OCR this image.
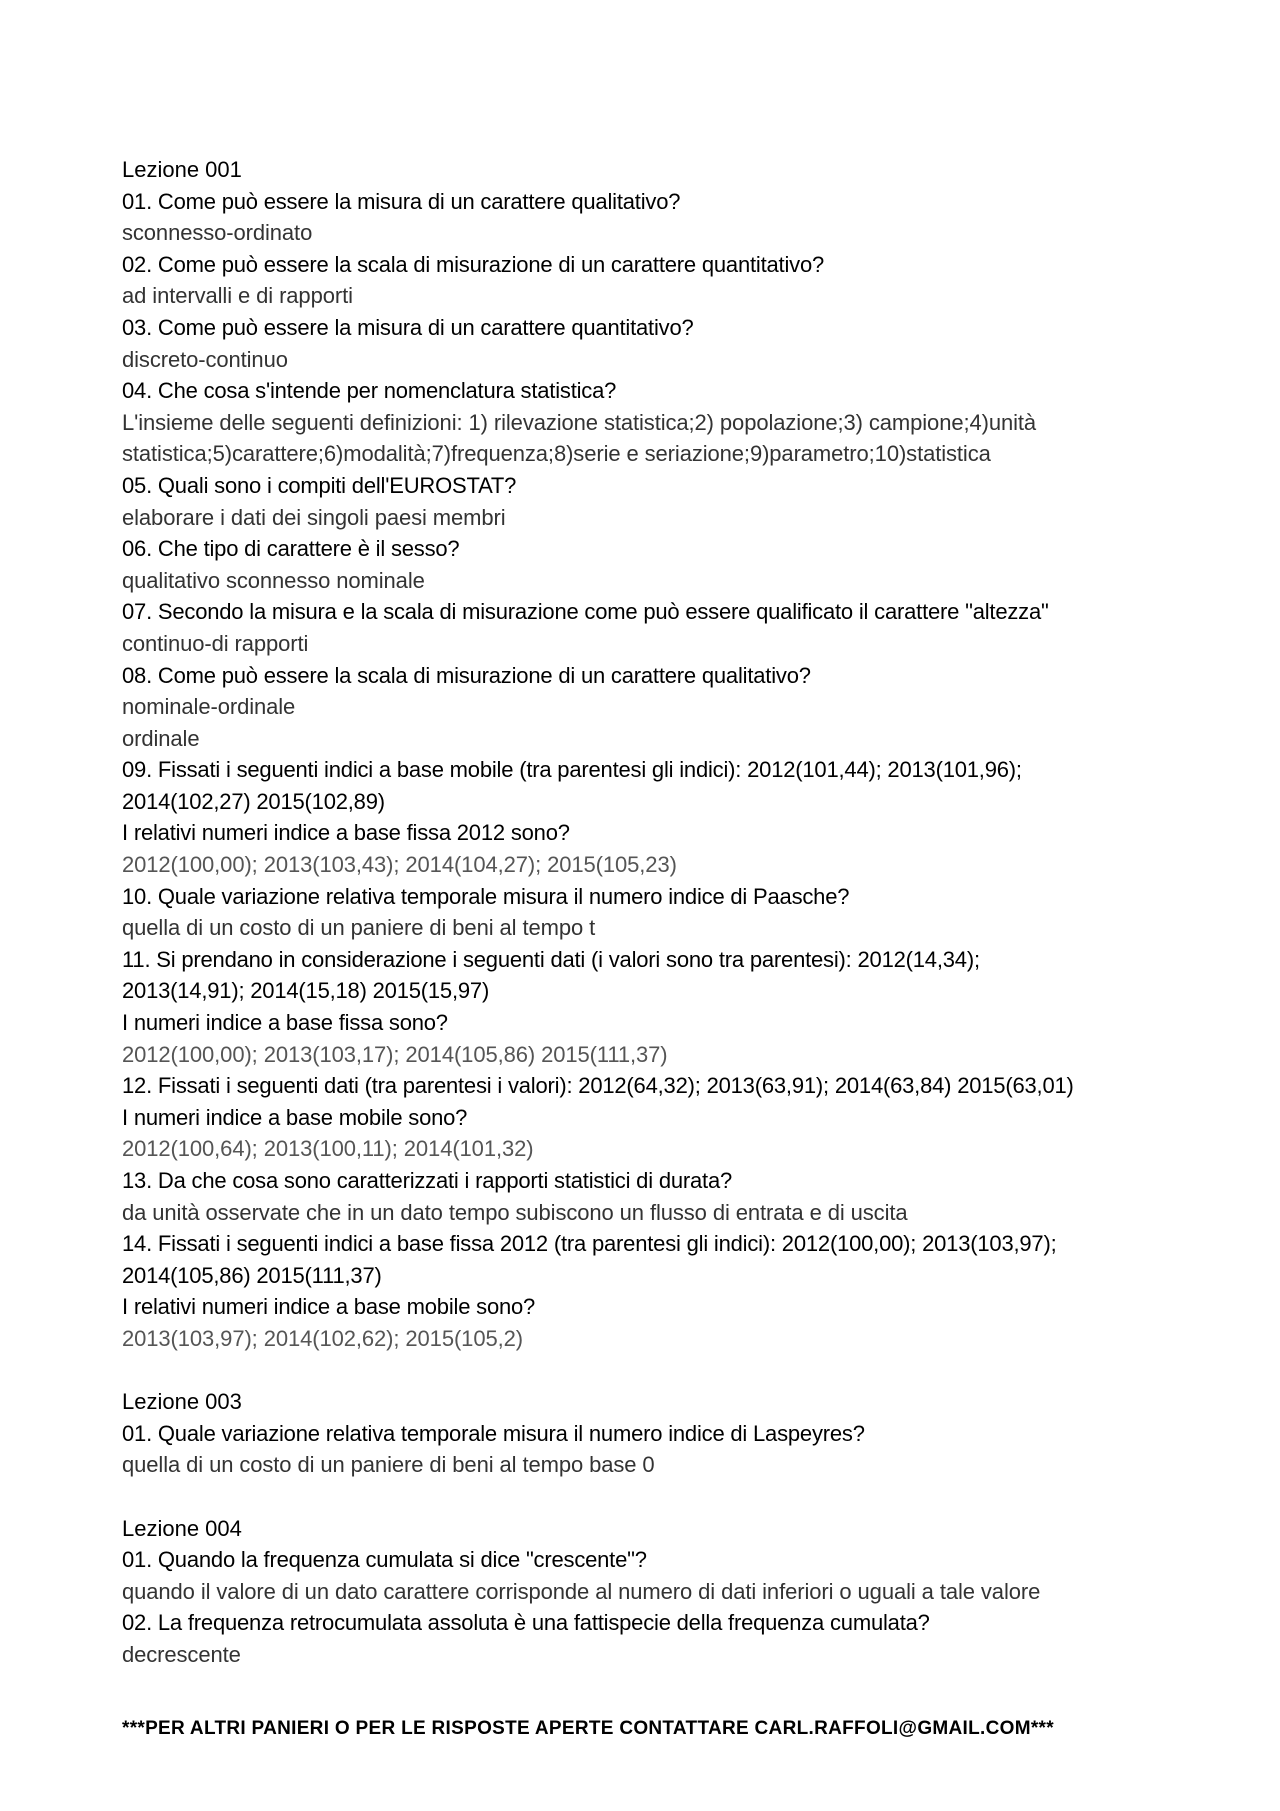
Lezione 001
01. Come può essere la misura di un carattere qualitativo?
sconnesso-ordinato
02. Come può essere la scala di misurazione di un carattere quantitativo?
ad intervalli e di rapporti
03. Come può essere la misura di un carattere quantitativo?
discreto-continuo
04. Che cosa s'intende per nomenclatura statistica?
L'insieme delle seguenti definizioni: 1) rilevazione statistica;2) popolazione;3) campione;4)unità
statistica;5)carattere;6)modalità;7)frequenza;8)serie e seriazione;9)parametro;10)statistica
05. Quali sono i compiti dell'EUROSTAT?
elaborare i dati dei singoli paesi membri
06. Che tipo di carattere è il sesso?
qualitativo sconnesso nominale
07. Secondo la misura e la scala di misurazione come può essere qualificato il carattere "altezza"
continuo-di rapporti
08. Come può essere la scala di misurazione di un carattere qualitativo?
nominale-ordinale
ordinale
09. Fissati i seguenti indici a base mobile (tra parentesi gli indici): 2012(101,44); 2013(101,96);
2014(102,27) 2015(102,89)
I relativi numeri indice a base fissa 2012 sono?
2012(100,00); 2013(103,43); 2014(104,27); 2015(105,23)
10. Quale variazione relativa temporale misura il numero indice di Paasche?
quella di un costo di un paniere di beni al tempo t
11. Si prendano in considerazione i seguenti dati (i valori sono tra parentesi): 2012(14,34);
2013(14,91); 2014(15,18) 2015(15,97)
I numeri indice a base fissa sono?
2012(100,00); 2013(103,17); 2014(105,86) 2015(111,37)
12. Fissati i seguenti dati (tra parentesi i valori): 2012(64,32); 2013(63,91); 2014(63,84) 2015(63,01)
I numeri indice a base mobile sono?
2012(100,64); 2013(100,11); 2014(101,32)
13. Da che cosa sono caratterizzati i rapporti statistici di durata?
da unità osservate che in un dato tempo subiscono un flusso di entrata e di uscita
14. Fissati i seguenti indici a base fissa 2012 (tra parentesi gli indici): 2012(100,00); 2013(103,97);
2014(105,86) 2015(111,37)
I relativi numeri indice a base mobile sono?
2013(103,97); 2014(102,62); 2015(105,2)
Lezione 003
01. Quale variazione relativa temporale misura il numero indice di Laspeyres?
quella di un costo di un paniere di beni al tempo base 0
Lezione 004
01. Quando la frequenza cumulata si dice "crescente"?
quando il valore di un dato carattere corrisponde al numero di dati inferiori o uguali a tale valore
02. La frequenza retrocumulata assoluta è una fattispecie della frequenza cumulata?
decrescente
***PER ALTRI PANIERI O PER LE RISPOSTE APERTE CONTATTARE CARL.RAFFOLI@GMAIL.COM***
